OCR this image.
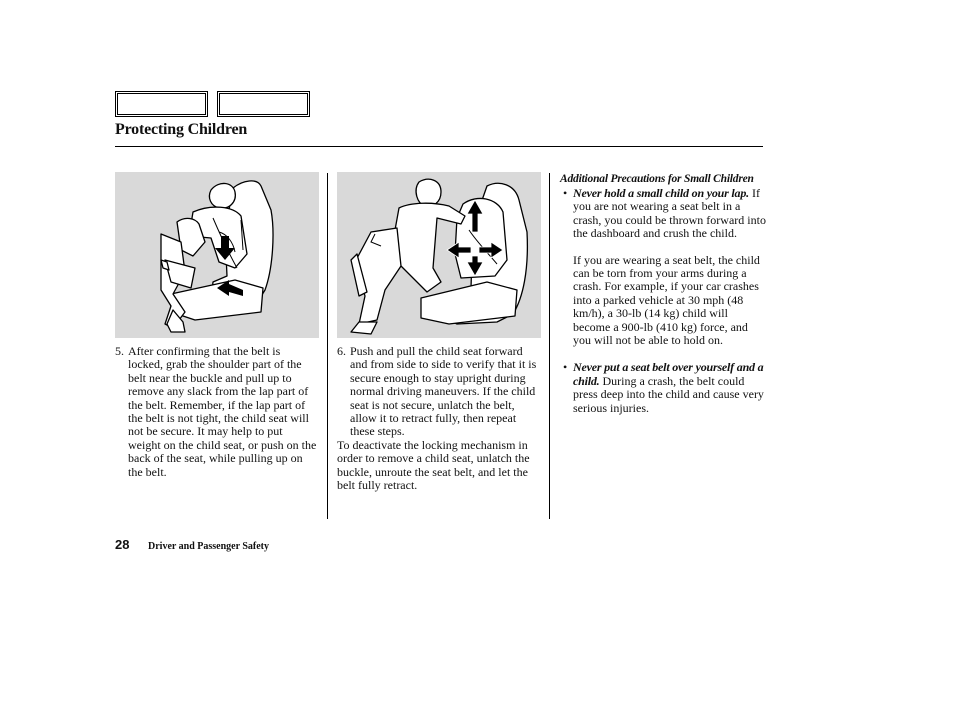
Protecting Children
5. After confirming that the belt is locked, grab the shoulder part of the belt near the buckle and pull up to remove any slack from the lap part of the belt. Remember, if the lap part of the belt is not tight, the child seat will not be secure. It may help to put weight on the child seat, or push on the back of the seat, while pulling up on the belt.
6. Push and pull the child seat forward and from side to side to verify that it is secure enough to stay upright during normal driving maneuvers. If the child seat is not secure, unlatch the belt, allow it to retract fully, then repeat these steps.

To deactivate the locking mechanism in order to remove a child seat, unlatch the buckle, unroute the seat belt, and let the belt fully retract.

Additional Precautions for Small Children
• Never hold a small child on your lap. If you are not wearing a seat belt in a crash, you could be thrown forward into the dashboard and crush the child.
If you are wearing a seat belt, the child can be torn from your arms during a crash. For example, if your car crashes into a parked vehicle at 30 mph (48 km/h), a 30-lb (14 kg) child will become a 900-lb (410 kg) force, and you will not be able to hold on.
• Never put a seat belt over yourself and a child. During a crash, the belt could press deep into the child and cause very serious injuries.
28 Driver and Passenger Safety
